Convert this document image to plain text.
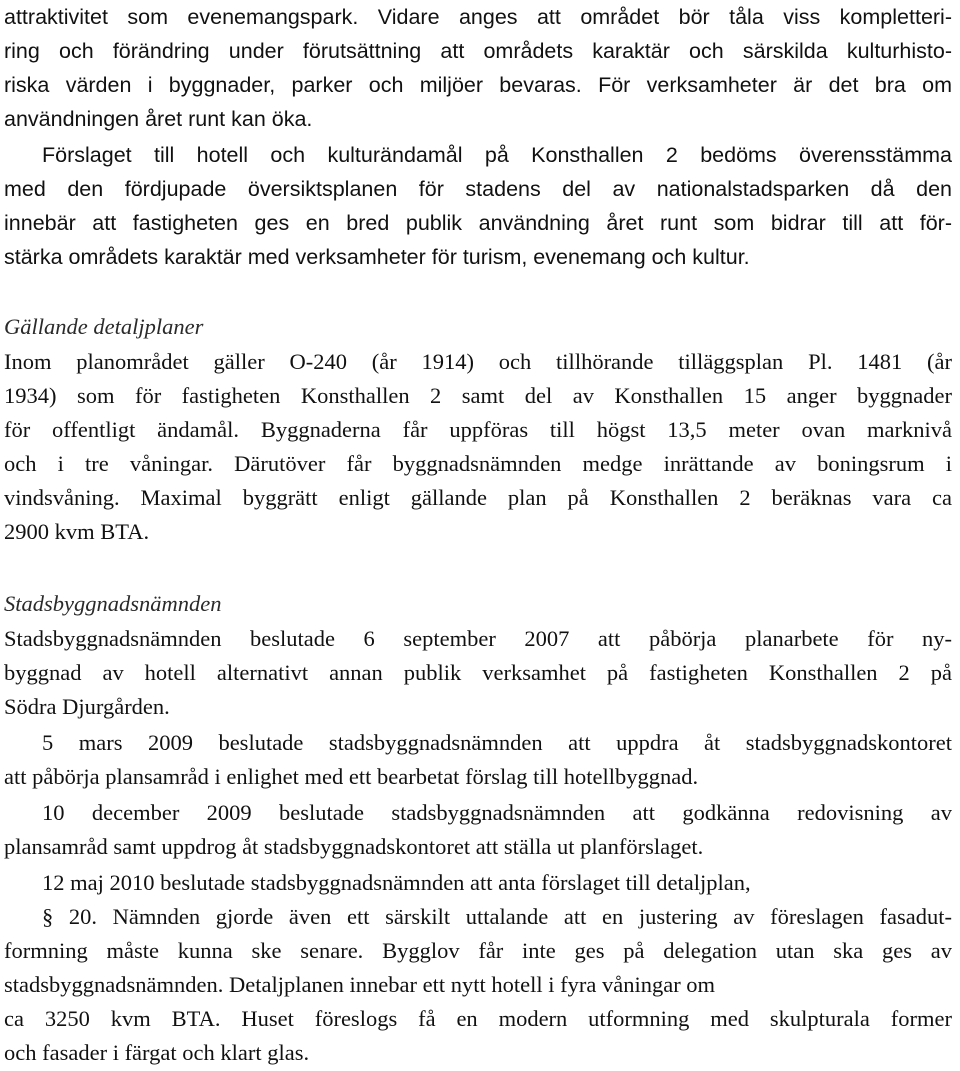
attraktivitet som evenemangspark. Vidare anges att området bör tåla viss kompletteri-
ring och förändring under förutsättning att områdets karaktär och särskilda kulturhisto-
riska värden i byggnader, parker och miljöer bevaras. För verksamheter är det bra om
användningen året runt kan öka.
Förslaget till hotell och kulturändamål på Konsthallen 2 bedöms överensstämma
med den fördjupade översiktsplanen för stadens del av nationalstadsparken då den
innebär att fastigheten ges en bred publik användning året runt som bidrar till att för-
stärka områdets karaktär med verksamheter för turism, evenemang och kultur.
Gällande detaljplaner
Inom planområdet gäller O-240 (år 1914) och tillhörande tilläggsplan Pl. 1481 (år
1934) som för fastigheten Konsthallen 2 samt del av Konsthallen 15 anger byggnader
för offentligt ändamål. Byggnaderna får uppföras till högst 13,5 meter ovan marknivå
och i tre våningar. Därutöver får byggnadsnämnden medge inrättande av boningsrum i
vindsvåning. Maximal byggrätt enligt gällande plan på Konsthallen 2 beräknas vara ca
2900 kvm BTA.
Stadsbyggnadsnämnden
Stadsbyggnadsnämnden beslutade 6 september 2007 att påbörja planarbete för ny-
byggnad av hotell alternativt annan publik verksamhet på fastigheten Konsthallen 2 på
Södra Djurgården.
5 mars 2009 beslutade stadsbyggnadsnämnden att uppdra åt stadsbyggnadskontoret
att påbörja plansamråd i enlighet med ett bearbetat förslag till hotellbyggnad.
10 december 2009 beslutade stadsbyggnadsnämnden att godkänna redovisning av
plansamråd samt uppdrog åt stadsbyggnadskontoret att ställa ut planförslaget.
12 maj 2010 beslutade stadsbyggnadsnämnden att anta förslaget till detaljplan,
§ 20. Nämnden gjorde även ett särskilt uttalande att en justering av föreslagen fasadut-
formning måste kunna ske senare. Bygglov får inte ges på delegation utan ska ges av
stadsbyggnadsnämnden. Detaljplanen innebar ett nytt hotell i fyra våningar om
ca 3250 kvm BTA. Huset föreslogs få en modern utformning med skulpturala former
och fasader i färgat och klart glas.
